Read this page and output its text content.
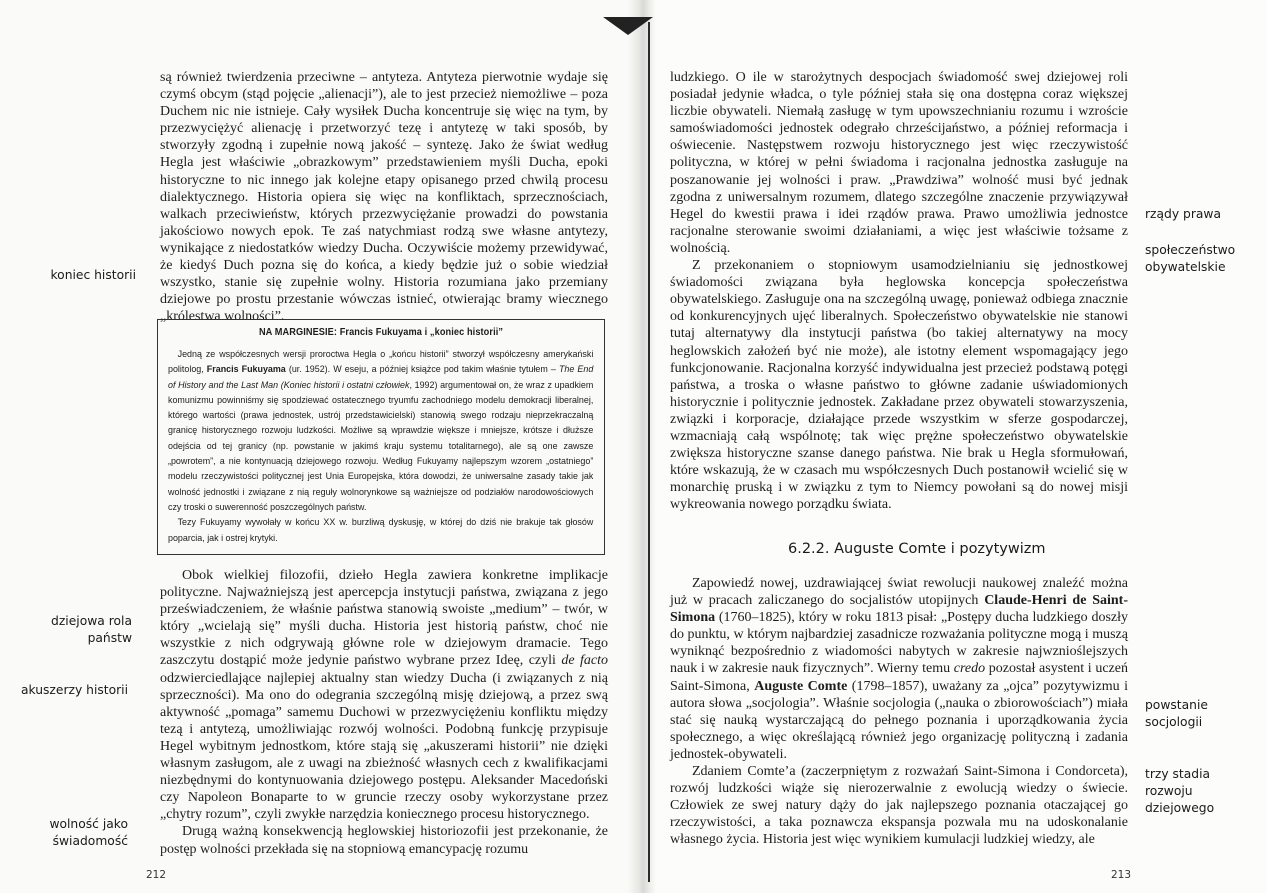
są również twierdzenia przeciwne – antyteza. Antyteza pierwotnie wydaje się czymś obcym (stąd pojęcie „alienacji”), ale to jest przecież niemożliwe – poza Duchem nic nie istnieje. Cały wysiłek Ducha koncentruje się więc na tym, by przezwyciężyć alienację i przetworzyć tezę i antytezę w taki sposób, by stworzyły zgodną i zupełnie nową jakość – syntezę. Jako że świat według Hegla jest właściwie „obrazkowym” przedstawieniem myśli Ducha, epoki historyczne to nic innego jak kolejne etapy opisanego przed chwilą procesu dialektycznego. Historia opiera się więc na konfliktach, sprzecznościach, walkach przeciwieństw, których przezwyciężanie prowadzi do powstania jakościowo nowych epok. Te zaś natychmiast rodzą swe własne antytezy, wynikające z niedostatków wiedzy Ducha. Oczywiście możemy przewidywać, że kiedyś Duch pozna się do końca, a kiedy będzie już o sobie wiedział wszystko, stanie się zupełnie wolny. Historia rozumiana jako przemiany dziejowe po prostu przestanie wówczas istnieć, otwierając bramy wiecznego „królestwa wolności”.

NA MARGINESIE: Francis Fukuyama i „koniec historii”

Jedną ze współczesnych wersji proroctwa Hegla o „końcu historii” stworzył współczesny amerykański politolog, Francis Fukuyama (ur. 1952). W eseju, a później książce pod takim właśnie tytułem – The End of History and the Last Man (Koniec historii i ostatni człowiek, 1992) argumentował on, że wraz z upadkiem komunizmu powinniśmy się spodziewać ostatecznego tryumfu zachodniego modelu demokracji liberalnej, którego wartości (prawa jednostek, ustrój przedstawicielski) stanowią swego rodzaju nieprzekraczalną granicę historycznego rozwoju ludzkości. Możliwe są wprawdzie większe i mniejsze, krótsze i dłuższe odejścia od tej granicy (np. powstanie w jakimś kraju systemu totalitarnego), ale są one zawsze „powrotem”, a nie kontynuacją dziejowego rozwoju. Według Fukuyamy najlepszym wzorem „ostatniego” modelu rzeczywistości politycznej jest Unia Europejska, która dowodzi, że uniwersalne zasady takie jak wolność jednostki i związane z nią reguły wolnorynkowe są ważniejsze od podziałów narodowościowych czy troski o suwerenność poszczególnych państw.

Tezy Fukuyamy wywołały w końcu XX w. burzliwą dyskusję, w której do dziś nie brakuje tak głosów poparcia, jak i ostrej krytyki.

Obok wielkiej filozofii, dzieło Hegla zawiera konkretne implikacje polityczne. Najważniejszą jest apercepcja instytucji państwa, związana z jego przeświadczeniem, że właśnie państwa stanowią swoiste „medium” – twór, w który „wcielają się” myśli ducha. Historia jest historią państw, choć nie wszystkie z nich odgrywają główne role w dziejowym dramacie. Tego zaszczytu dostąpić może jedynie państwo wybrane przez Ideę, czyli de facto odzwierciedlające najlepiej aktualny stan wiedzy Ducha (i związanych z nią sprzeczności). Ma ono do odegrania szczególną misję dziejową, a przez swą aktywność „pomaga” samemu Duchowi w przezwyciężeniu konfliktu między tezą i antytezą, umożliwiając rozwój wolności. Podobną funkcję przypisuje Hegel wybitnym jednostkom, które stają się „akuszerami historii” nie dzięki własnym zasługom, ale z uwagi na zbieżność własnych cech z kwalifikacjami niezbędnymi do kontynuowania dziejowego postępu. Aleksander Macedoński czy Napoleon Bonaparte to w gruncie rzeczy osoby wykorzystane przez „chytry rozum”, czyli zwykłe narzędzia koniecznego procesu historycznego.

Drugą ważną konsekwencją heglowskiej historiozofii jest przekonanie, że postęp wolności przekłada się na stopniową emancypację rozumu

koniec historii
dziejowa rola
państw
akuszerzy historii
wolność jako
świadomość
212

ludzkiego. O ile w starożytnych despocjach świadomość swej dziejowej roli posiadał jedynie władca, o tyle później stała się ona dostępna coraz większej liczbie obywateli. Niemałą zasługę w tym upowszechnianiu rozumu i wzroście samoświadomości jednostek odegrało chrześcijaństwo, a później reformacja i oświecenie. Następstwem rozwoju historycznego jest więc rzeczywistość polityczna, w której w pełni świadoma i racjonalna jednostka zasługuje na poszanowanie jej wolności i praw. „Prawdziwa” wolność musi być jednak zgodna z uniwersalnym rozumem, dlatego szczególne znaczenie przywiązywał Hegel do kwestii prawa i idei rządów prawa. Prawo umożliwia jednostce racjonalne sterowanie swoimi działaniami, a więc jest właściwie tożsame z wolnością.

Z przekonaniem o stopniowym usamodzielnianiu się jednostkowej świadomości związana była heglowska koncepcja społeczeństwa obywatelskiego. Zasługuje ona na szczególną uwagę, ponieważ odbiega znacznie od konkurencyjnych ujęć liberalnych. Społeczeństwo obywatelskie nie stanowi tutaj alternatywy dla instytucji państwa (bo takiej alternatywy na mocy heglowskich założeń być nie może), ale istotny element wspomagający jego funkcjonowanie. Racjonalna korzyść indywidualna jest przecież podstawą potęgi państwa, a troska o własne państwo to główne zadanie uświadomionych historycznie i politycznie jednostek. Zakładane przez obywateli stowarzyszenia, związki i korporacje, działające przede wszystkim w sferze gospodarczej, wzmacniają całą wspólnotę; tak więc prężne społeczeństwo obywatelskie zwiększa historyczne szanse danego państwa. Nie brak u Hegla sformułowań, które wskazują, że w czasach mu współczesnych Duch postanowił wcielić się w monarchię pruską i w związku z tym to Niemcy powołani są do nowej misji wykreowania nowego porządku świata.

6.2.2. Auguste Comte i pozytywizm

Zapowiedź nowej, uzdrawiającej świat rewolucji naukowej znaleźć można już w pracach zaliczanego do socjalistów utopijnych Claude-Henri de Saint-Simona (1760–1825), który w roku 1813 pisał: „Postępy ducha ludzkiego doszły do punktu, w którym najbardziej zasadnicze rozważania polityczne mogą i muszą wyniknąć bezpośrednio z wiadomości nabytych w zakresie najwznioślejszych nauk i w zakresie nauk fizycznych”. Wierny temu credo pozostał asystent i uczeń Saint-Simona, Auguste Comte (1798–1857), uważany za „ojca” pozytywizmu i autora słowa „socjologia”. Właśnie socjologia („nauka o zbiorowościach”) miała stać się nauką wystarczającą do pełnego poznania i uporządkowania życia społecznego, a więc określającą również jego organizację polityczną i zadania jednostek-obywateli.

Zdaniem Comte’a (zaczerpniętym z rozważań Saint-Simona i Condorceta), rozwój ludzkości wiąże się nierozerwalnie z ewolucją wiedzy o świecie. Człowiek ze swej natury dąży do jak najlepszego poznania otaczającej go rzeczywistości, a taka poznawcza ekspansja pozwala mu na udoskonalanie własnego życia. Historia jest więc wynikiem kumulacji ludzkiej wiedzy, ale

rządy prawa
społeczeństwo
obywatelskie
powstanie
socjologii
trzy stadia
rozwoju
dziejowego
213
